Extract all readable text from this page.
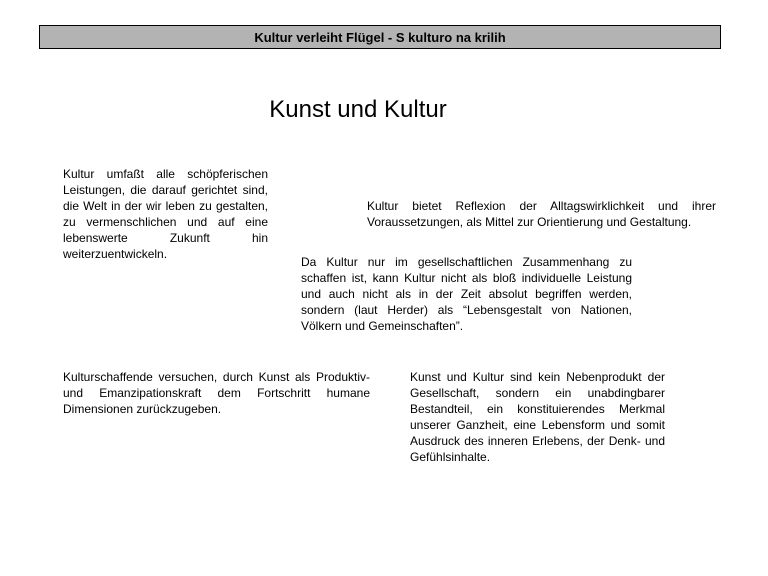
Kultur verleiht Flügel - S kulturo na krilih
Kunst und Kultur
Kultur umfaßt alle schöpferischen Leistungen, die darauf gerichtet sind, die Welt in der wir leben zu gestalten, zu vermenschlichen und auf eine lebenswerte Zukunft hin weiterzuentwickeln.
Kultur bietet Reflexion der Alltagswirklichkeit und ihrer Voraussetzungen, als Mittel zur Orientierung und Gestaltung.
Da Kultur nur im gesellschaftlichen Zusammenhang zu schaffen ist, kann Kultur nicht als bloß individuelle Leistung und auch nicht als in der Zeit absolut begriffen werden, sondern (laut Herder) als “Lebensgestalt von Nationen, Völkern und Gemeinschaften”.
Kulturschaffende versuchen, durch Kunst als Produktiv- und Emanzipationskraft dem Fortschritt humane Dimensionen zurückzugeben.
Kunst und Kultur sind kein Nebenprodukt der Gesellschaft, sondern ein unabdingbarer Bestandteil, ein konstituierendes Merkmal unserer Ganzheit, eine Lebensform und somit Ausdruck des inneren Erlebens, der Denk- und Gefühlsinhalte.
